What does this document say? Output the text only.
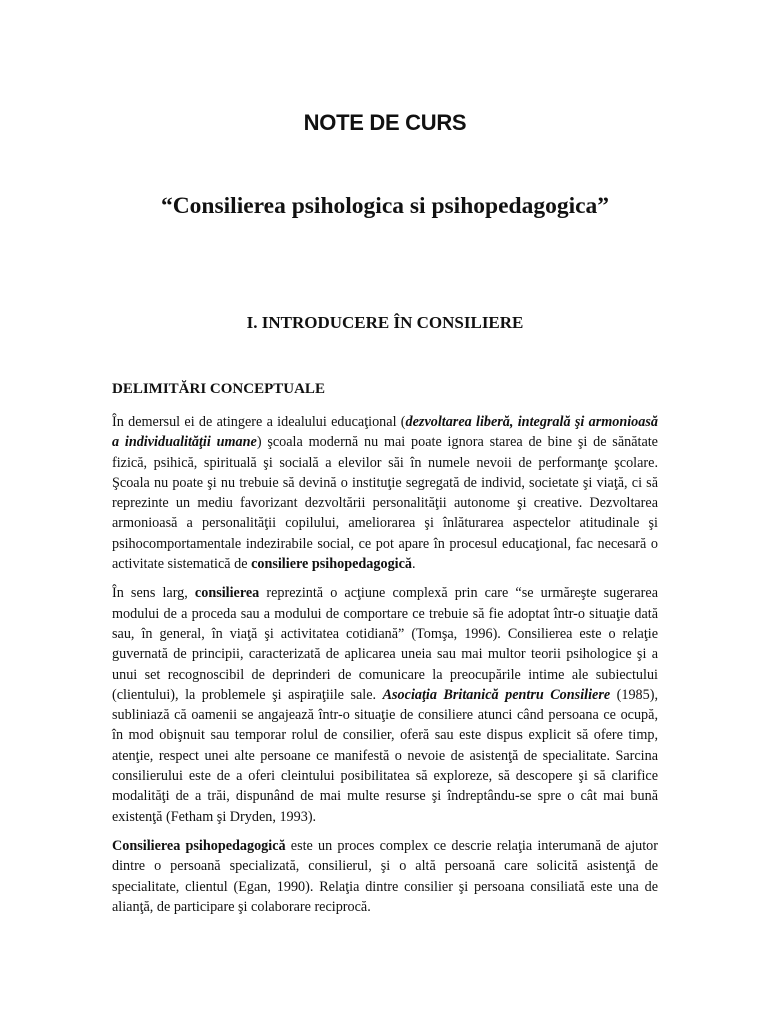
NOTE DE CURS
“Consilierea psihologica si psihopedagogica”
I. INTRODUCERE ÎN CONSILIERE
DELIMITĂRI CONCEPTUALE

În demersul ei de atingere a idealului educaţional (dezvoltarea liberă, integrală şi armonioasă a individualităţii umane) şcoala modernă nu mai poate ignora starea de bine şi de sănătate fizică, psihică, spirituală şi socială a elevilor săi în numele nevoii de performanţe şcolare. Şcoala nu poate şi nu trebuie să devină o instituţie segregată de individ, societate şi viaţă, ci să reprezinte un mediu favorizant dezvoltării personalităţii autonome şi creative. Dezvoltarea armonioasă a personalităţii copilului, ameliorarea şi înlăturarea aspectelor atitudinale şi psihocomportamentale indezirabile social, ce pot apare în procesul educaţional, fac necesară o activitate sistematică de consiliere psihopedagogică.

În sens larg, consilierea reprezintă o acţiune complexă prin care “se urmăreşte sugerarea modului de a proceda sau a modului de comportare ce trebuie să fie adoptat într-o situaţie dată sau, în general, în viaţă şi activitatea cotidiană” (Tomşa, 1996). Consilierea este o relaţie guvernată de principii, caracterizată de aplicarea uneia sau mai multor teorii psihologice şi a unui set recognoscibil de deprinderi de comunicare la preocupările intime ale subiectului (clientului), la problemele şi aspiraţiile sale. Asociaţia Britanică pentru Consiliere (1985), subliniază că oamenii se angajează într-o situaţie de consiliere atunci când persoana ce ocupă, în mod obişnuit sau temporar rolul de consilier, oferă sau este dispus explicit să ofere timp, atenţie, respect unei alte persoane ce manifestă o nevoie de asistenţă de specialitate. Sarcina consilierului este de a oferi cleintului posibilitatea să exploreze, să descopere şi să clarifice modalităţi de a trăi, dispunând de mai multe resurse şi îndreptându-se spre o cât mai bună existenţă (Fetham şi Dryden, 1993).

Consilierea psihopedagogică este un proces complex ce descrie relaţia interumană de ajutor dintre o persoană specializată, consilierul, şi o altă persoană care solicită asistenţă de specialitate, clientul (Egan, 1990). Relaţia dintre consilier şi persoana consiliată este una de alianţă, de participare şi colaborare reciprocă.
